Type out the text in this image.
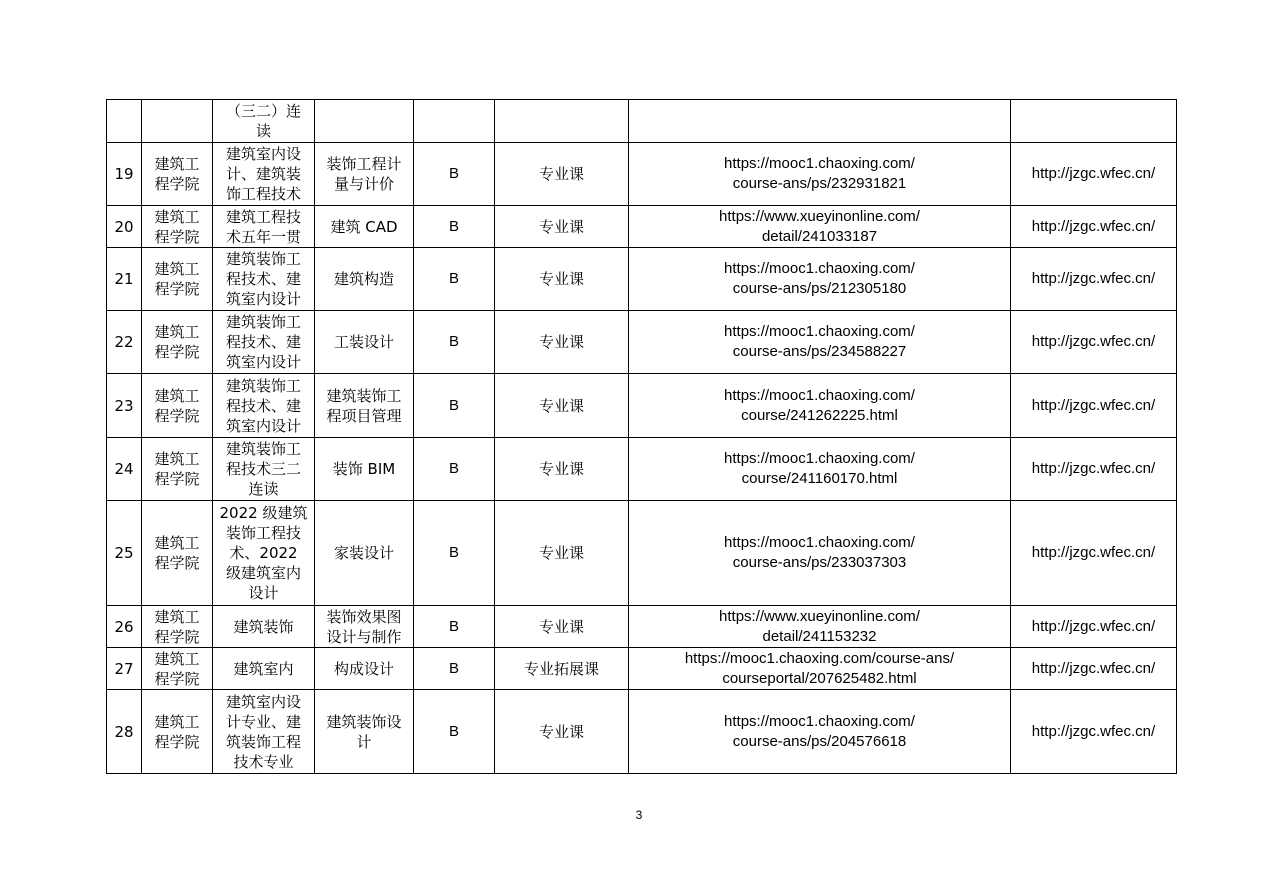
		（三二）连
读					
19	建筑工
程学院	建筑室内设
计、建筑装
饰工程技术	装饰工程计
量与计价	B	专业课	https://mooc1.chaoxing.com/
course-ans/ps/232931821	http://jzgc.wfec.cn/
20	建筑工
程学院	建筑工程技
术五年一贯	建筑 CAD	B	专业课	https://www.xueyinonline.com/
detail/241033187	http://jzgc.wfec.cn/
21	建筑工
程学院	建筑装饰工
程技术、建
筑室内设计	建筑构造	B	专业课	https://mooc1.chaoxing.com/
course-ans/ps/212305180	http://jzgc.wfec.cn/
22	建筑工
程学院	建筑装饰工
程技术、建
筑室内设计	工装设计	B	专业课	https://mooc1.chaoxing.com/
course-ans/ps/234588227	http://jzgc.wfec.cn/
23	建筑工
程学院	建筑装饰工
程技术、建
筑室内设计	建筑装饰工
程项目管理	B	专业课	https://mooc1.chaoxing.com/
course/241262225.html	http://jzgc.wfec.cn/
24	建筑工
程学院	建筑装饰工
程技术三二
连读	装饰 BIM	B	专业课	https://mooc1.chaoxing.com/
course/241160170.html	http://jzgc.wfec.cn/
25	建筑工
程学院	2022 级建筑
装饰工程技
术、2022
级建筑室内
设计	家装设计	B	专业课	https://mooc1.chaoxing.com/
course-ans/ps/233037303	http://jzgc.wfec.cn/
26	建筑工
程学院	建筑装饰	装饰效果图
设计与制作	B	专业课	https://www.xueyinonline.com/
detail/241153232	http://jzgc.wfec.cn/
27	建筑工
程学院	建筑室内	构成设计	B	专业拓展课	https://mooc1.chaoxing.com/course-ans/
courseportal/207625482.html	http://jzgc.wfec.cn/
28	建筑工
程学院	建筑室内设
计专业、建
筑装饰工程
技术专业	建筑装饰设
计	B	专业课	https://mooc1.chaoxing.com/
course-ans/ps/204576618	http://jzgc.wfec.cn/
3
